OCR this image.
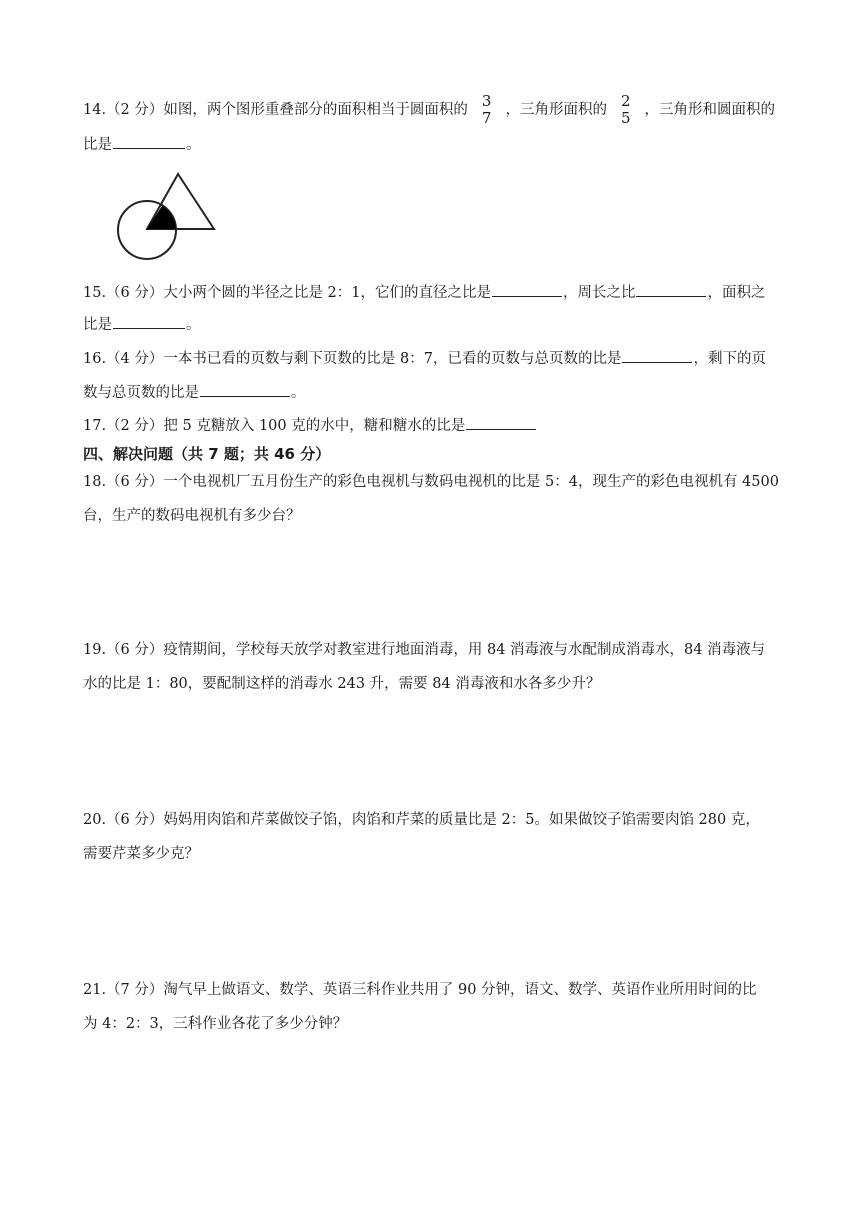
14.（2 分）如图，两个图形重叠部分的面积相当于圆面积的 3
7 ，三角形面积的 2
5 ，三角形和圆面积的
比是	。
15.（6 分）大小两个圆的半径之比是 2：1，它们的直径之比是	，周长之比	，面积之
比是	。
16.（4 分）一本书已看的页数与剩下页数的比是 8：7，已看的页数与总页数的比是	，剩下的页
数与总页数的比是	。
17.（2 分）把 5 克糖放入 100 克的水中，糖和糖水的比是
四、解决问题（共 7 题；共 46 分）
18.（6 分）一个电视机厂五月份生产的彩色电视机与数码电视机的比是 5：4，现生产的彩色电视机有 4500
台，生产的数码电视机有多少台？
19.（6 分）疫情期间，学校每天放学对教室进行地面消毒，用 84 消毒液与水配制成消毒水，84 消毒液与
水的比是 1：80，要配制这样的消毒水 243 升，需要 84 消毒液和水各多少升？
20.（6 分）妈妈用肉馅和芹菜做饺子馅，肉馅和芹菜的质量比是 2：5。如果做饺子馅需要肉馅 280 克，
需要芹菜多少克？
21.（7 分）淘气早上做语文、数学、英语三科作业共用了 90 分钟，语文、数学、英语作业所用时间的比
为 4：2：3，三科作业各花了多少分钟？
